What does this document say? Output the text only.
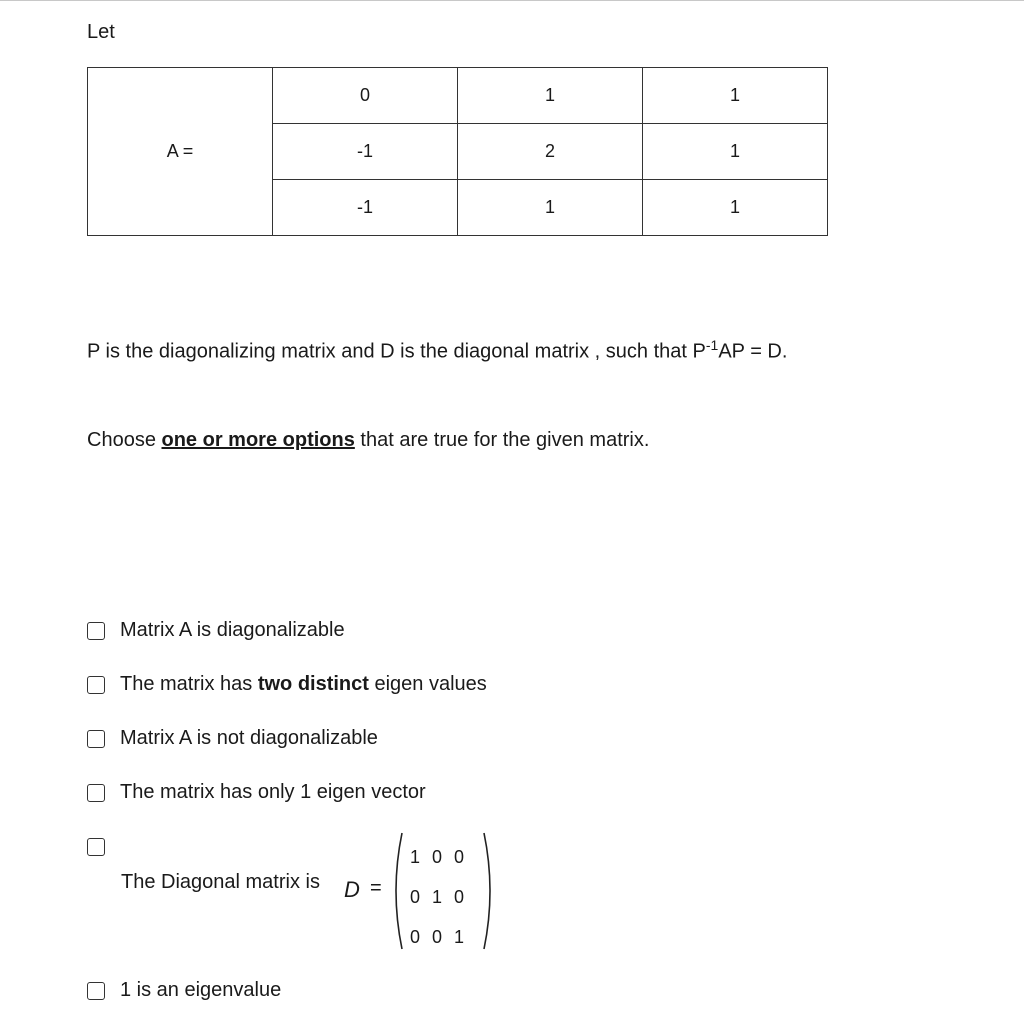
Let
A =	0	1	1
	-1	2	1
	-1	1	1
P is the diagonalizing matrix and D is the diagonal matrix , such that $P^{-1}AP = D$.
Choose one or more options that are true for the given matrix.
Matrix A is diagonalizable
The matrix has two distinct eigen values
Matrix A is not diagonalizable
The matrix has only 1 eigen vector
The Diagonal matrix is D =
1 0 0
0 1 0
0 0 1
1 is an eigenvalue
